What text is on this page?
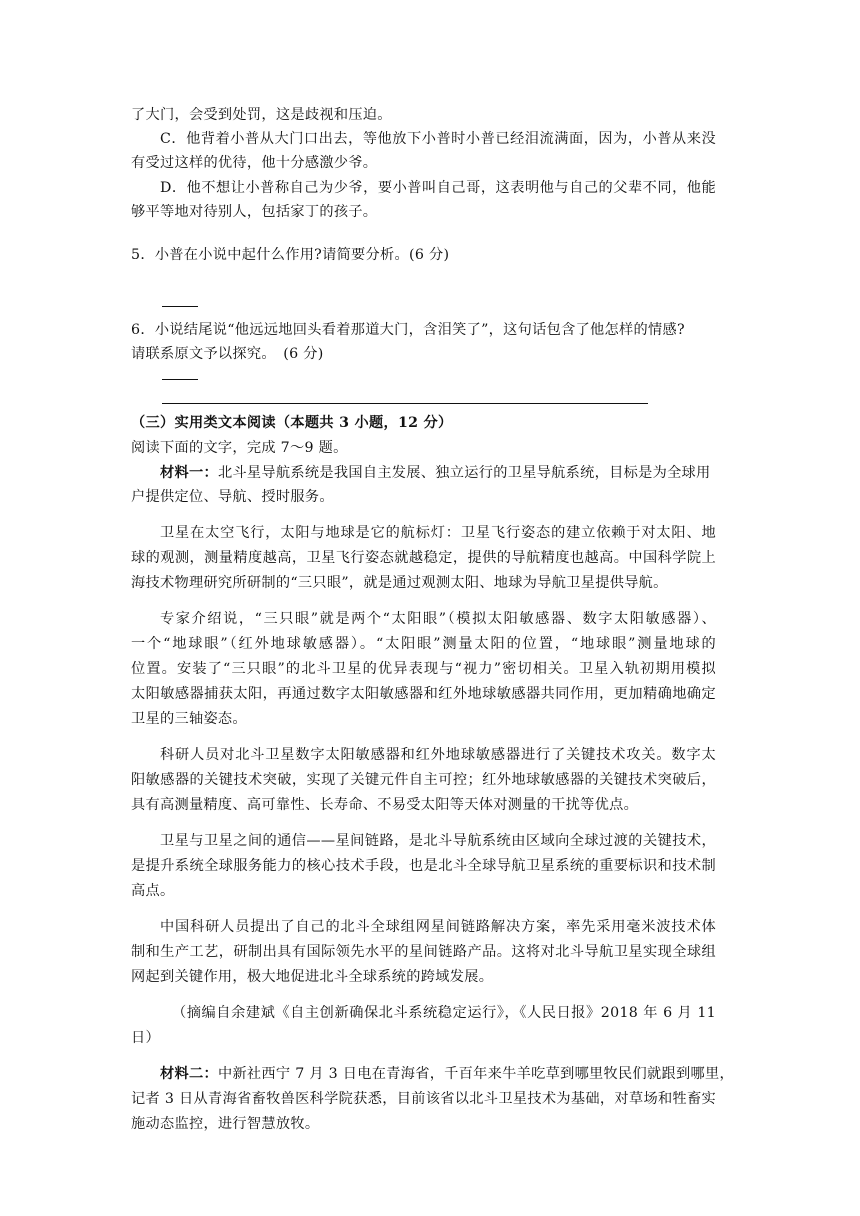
了大门，会受到处罚，这是歧视和压迫。
C．他背着小普从大门口出去，等他放下小普时小普已经泪流满面，因为，小普从来没
有受过这样的优待，他十分感激少爷。
D．他不想让小普称自己为少爷，要小普叫自己哥，这表明他与自己的父辈不同，他能
够平等地对待别人，包括家丁的孩子。
5．小普在小说中起什么作用?请简要分析。(6 分)
6．小说结尾说“他远远地回头看着那道大门，含泪笑了”，这句话包含了他怎样的情感?
请联系原文予以探究。　(6 分)
（三）实用类文本阅读（本题共 3 小题，12 分）
阅读下面的文字，完成 7～9 题。
材料一：北斗星导航系统是我国自主发展、独立运行的卫星导航系统，目标是为全球用
户提供定位、导航、授时服务。
卫星在太空飞行，太阳与地球是它的航标灯：卫星飞行姿态的建立依赖于对太阳、地
球的观测，测量精度越高，卫星飞行姿态就越稳定，提供的导航精度也越高。中国科学院上
海技术物理研究所研制的“三只眼”，就是通过观测太阳、地球为导航卫星提供导航。
专家介绍说，“三只眼”就是两个“太阳眼”（模拟太阳敏感器、数字太阳敏感器）、
一个“地球眼”（红外地球敏感器）。“太阳眼”测量太阳的位置，“地球眼”测量地球的
位置。安装了“三只眼”的北斗卫星的优异表现与“视力”密切相关。卫星入轨初期用模拟
太阳敏感器捕获太阳，再通过数字太阳敏感器和红外地球敏感器共同作用，更加精确地确定
卫星的三轴姿态。
科研人员对北斗卫星数字太阳敏感器和红外地球敏感器进行了关键技术攻关。数字太
阳敏感器的关键技术突破，实现了关键元件自主可控；红外地球敏感器的关键技术突破后，
具有高测量精度、高可靠性、长寿命、不易受太阳等天体对测量的干扰等优点。
卫星与卫星之间的通信——星间链路，是北斗导航系统由区域向全球过渡的关键技术，
是提升系统全球服务能力的核心技术手段，也是北斗全球导航卫星系统的重要标识和技术制
高点。
中国科研人员提出了自己的北斗全球组网星间链路解决方案，率先采用毫米波技术体
制和生产工艺，研制出具有国际领先水平的星间链路产品。这将对北斗导航卫星实现全球组
网起到关键作用，极大地促进北斗全球系统的跨域发展。
（摘编自余建斌《自主创新确保北斗系统稳定运行》，《人民日报》2018 年 6 月 11
日）
材料二：中新社西宁 7 月 3 日电在青海省，千百年来牛羊吃草到哪里牧民们就跟到哪里，
记者 3 日从青海省畜牧兽医科学院获悉，目前该省以北斗卫星技术为基础，对草场和牲畜实
施动态监控，进行智慧放牧。
